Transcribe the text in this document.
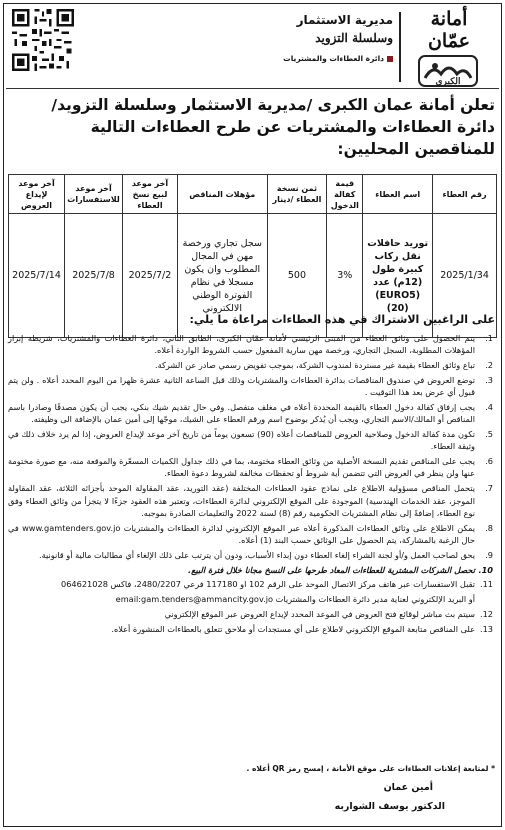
أمانة
عمّان
الكبرى
مديرية الاستثمار
وسلسلة التزويد
دائرة العطاءات والمشتريات
تعلن أمانة عمان الكبرى /مديرية الاستثمار وسلسلة التزويد/ دائرة العطاءات والمشتريات عن طرح العطاءات التالية للمناقصين المحليين:
رقم العطاء	اسم العطاء	قيمة كفالة الدخول	ثمن نسخة العطاء /دينار	مؤهلات المناقص	آخر موعد لبيع نسخ العطاء	آخر موعد للاستفسارات	آخر موعد لإيداع العروض
2025/1/34	توريد حافلات نقل ركاب كبيرة طول (12م) عدد (EURO5) (20)	3%	500	سجل تجاري ورخصة مهن في المجال المطلوب وان يكون مسجلا في نظام الفوترة الوطني الالكتروني	2025/7/2	2025/7/8	2025/7/14
على الراغبين الاشتراك في هذه العطاءات مراعاة ما يلي:
1.
يتم الحصول على وثائق العطاء من المبنى الرئيسي لأمانة عمّان الكبرى، الطابق الثاني، دائرة العطاءات والمشتريات، شريطة إبراز المؤهلات المطلوبة، السجل التجاري، ورخصة مهن سارية المفعول حسب الشروط الواردة أعلاه.
2.
تباع وثائق العطاء بقيمة غير مستردة لمندوب الشركة، بموجب تفويض رسمي صادر عن الشركة.
3.
توضع العروض في صندوق المناقصات بدائرة العطاءات والمشتريات وذلك قبل الساعة الثانية عشرة ظهرا من اليوم المحدد أعلاه . ولن يتم قبول أي عرض بعد هذا التوقيت .
4.
يجب إرفاق كفالة دخول العطاء بالقيمة المحددة أعلاه في مغلف منفصل. وفي حال تقديم شيك بنكي، يجب أن يكون مصدقًا وصادرا باسم المناقص أو المالك/الاسم التجاري، ويجب أن يُذكر بوضوح اسم ورقم العطاء على الشيك، موجّها إلى أمين عمان بالإضافة الى وظيفته.
5.
تكون مدة كفالة الدخول وصلاحية العروض للمناقصات أعلاه (90) تسعون يوماً من تاريخ آخر موعد لإيداع العروض، إذا لم يرد خلاف ذلك في وثيقة العطاء.
6.
يجب على المناقص تقديم النسخة الأصلية من وثائق العطاء مختومة، بما في ذلك جداول الكميات المسعّرة والموقعة منه، مع صورة مختومة عنها ولن ينظر في العروض التي تتضمن أية شروط أو تحفظات مخالفة لشروط دعوة العطاء.
7.
يتحمل المناقص مسؤولية الاطلاع على نماذج عقود العطاءات المختلفة (عقد التوريد، عقد المقاولة الموحد بأجزائه الثلاثة، عقد المقاولة الموجز، عقد الخدمات الهندسية) الموجودة على الموقع الإلكتروني لدائرة العطاءات، وتعتبر هذه العقود جزءًا لا يتجزأ من وثائق العطاء وفق نوع العطاء، إضافةً إلى نظام المشتريات الحكومية رقم (8) لسنة 2022 والتعليمات الصادرة بموجبه.
8.
يمكن الاطلاع على وثائق العطاءات المذكورة أعلاه عبر الموقع الإلكتروني لدائرة العطاءات والمشتريات www.gamtenders.gov.jo في حال الرغبة بالمشاركة، يتم الحصول على الوثائق حسب البند (1) أعلاه.
9.
يحق لصاحب العمل و/أو لجنة الشراء إلغاء العطاء دون إبداء الأسباب، ودون أن يترتب على ذلك الإلغاء أي مطالبات مالية أو قانونية.
10.
تحصل الشركات المشترية للعطاءات المعاد طرحها على النسخ مجانا خلال فترة البيع.
11.
تقبل الاستفسارات عبر هاتف مركز الاتصال الموحد على الرقم 102 او 117180 فرعي 2480/2207، فاكس 064621028
أو البريد الإلكتروني لعناية مدير دائرة العطاءات والمشتريات email:gam.tenders@ammancity.gov.jo
12.
سيتم بث مباشر لوقائع فتح العروض في الموعد المحدد لإيداع العروض عبر الموقع الإلكتروني
13.
على المناقص متابعة الموقع الإلكتروني لاطلاع على أي مستجدات أو ملاحق تتعلق بالعطاءات المنشورة أعلاه.
* لمتابعة إعلانات العطاءات على موقع الأمانة ، إمسح رمز QR أعلاه .
أمين عمان
الدكتور يوسف الشواربه
